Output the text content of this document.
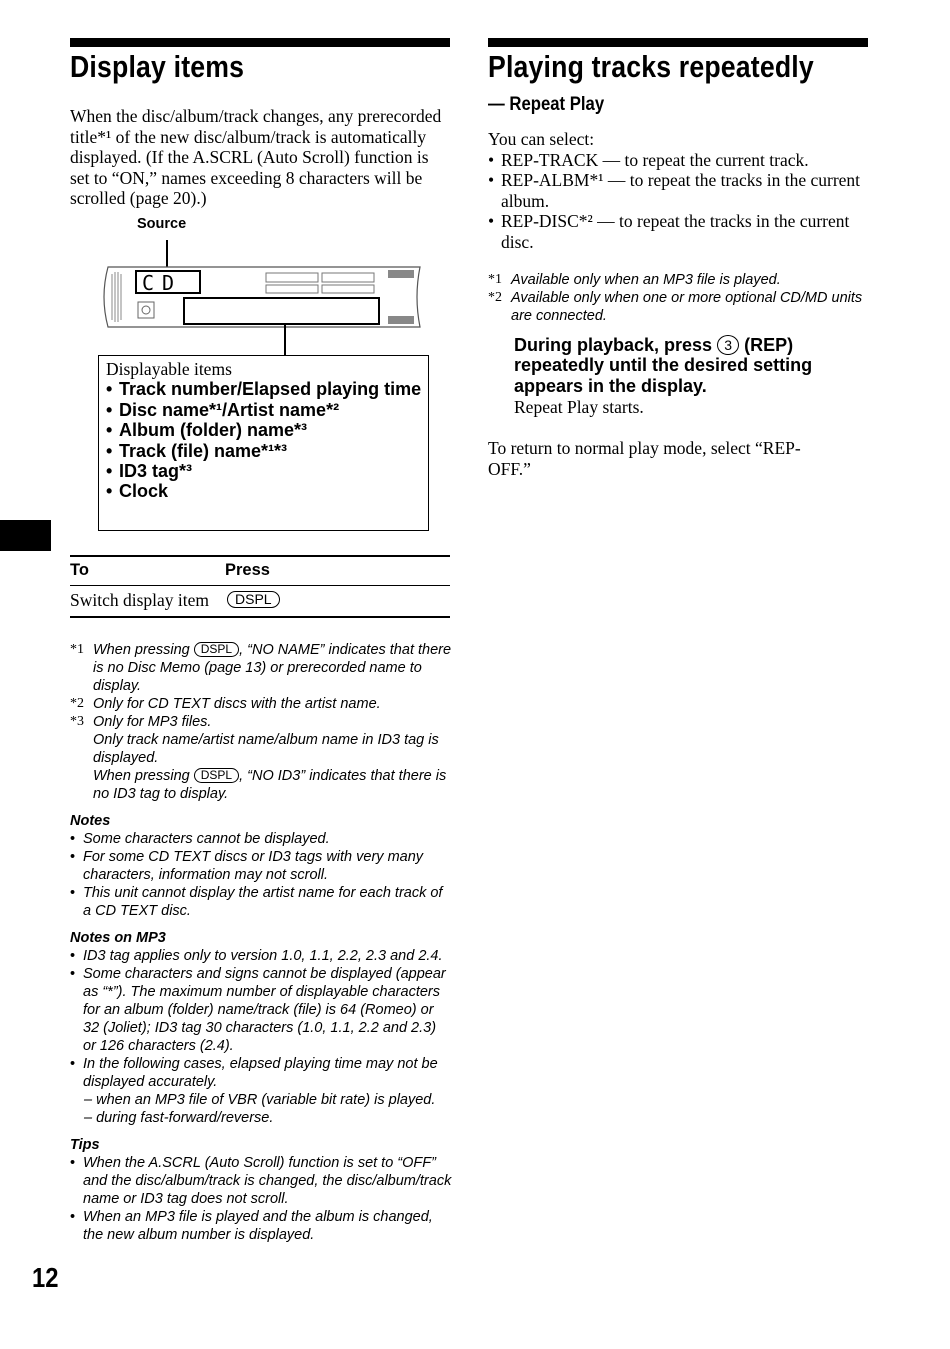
Display items
When the disc/album/track changes, any prerecorded title*¹ of the new disc/album/track is automatically displayed. (If the A.SCRL (Auto Scroll) function is set to “ON,” names exceeding 8 characters will be scrolled (page 20).)
Source
CD
Displayable items
• Track number/Elapsed playing time
• Disc name*¹/Artist name*²
• Album (folder) name*³
• Track (file) name*¹*³
• ID3 tag*³
• Clock
To	Press
Switch display item	DSPL
*1 When pressing DSPL , “NO NAME” indicates that there is no Disc Memo (page 13) or prerecorded name to display.
*2 Only for CD TEXT discs with the artist name.
*3 Only for MP3 files.
Only track name/artist name/album name in ID3 tag is displayed.
When pressing DSPL , “NO ID3” indicates that there is no ID3 tag to display.
Notes
• Some characters cannot be displayed.
• For some CD TEXT discs or ID3 tags with very many characters, information may not scroll.
• This unit cannot display the artist name for each track of a CD TEXT disc.
Notes on MP3
• ID3 tag applies only to version 1.0, 1.1, 2.2, 2.3 and 2.4.
• Some characters and signs cannot be displayed (appear as “*”). The maximum number of displayable characters for an album (folder) name/track (file) is 64 (Romeo) or 32 (Joliet); ID3 tag 30 characters (1.0, 1.1, 2.2 and 2.3) or 126 characters (2.4).
• In the following cases, elapsed playing time may not be displayed accurately.
– when an MP3 file of VBR (variable bit rate) is played.
– during fast-forward/reverse.
Tips
• When the A.SCRL (Auto Scroll) function is set to “OFF” and the disc/album/track is changed, the disc/album/track name or ID3 tag does not scroll.
• When an MP3 file is played and the album is changed, the new album number is displayed.
12
Playing tracks repeatedly
— Repeat Play
You can select:
• REP-TRACK — to repeat the current track.
• REP-ALBM*¹ — to repeat the tracks in the current album.
• REP-DISC*² — to repeat the tracks in the current disc.
*1 Available only when an MP3 file is played.
*2 Available only when one or more optional CD/MD units are connected.
During playback, press 3 (REP) repeatedly until the desired setting appears in the display.
Repeat Play starts.
To return to normal play mode, select “REP-OFF.”
